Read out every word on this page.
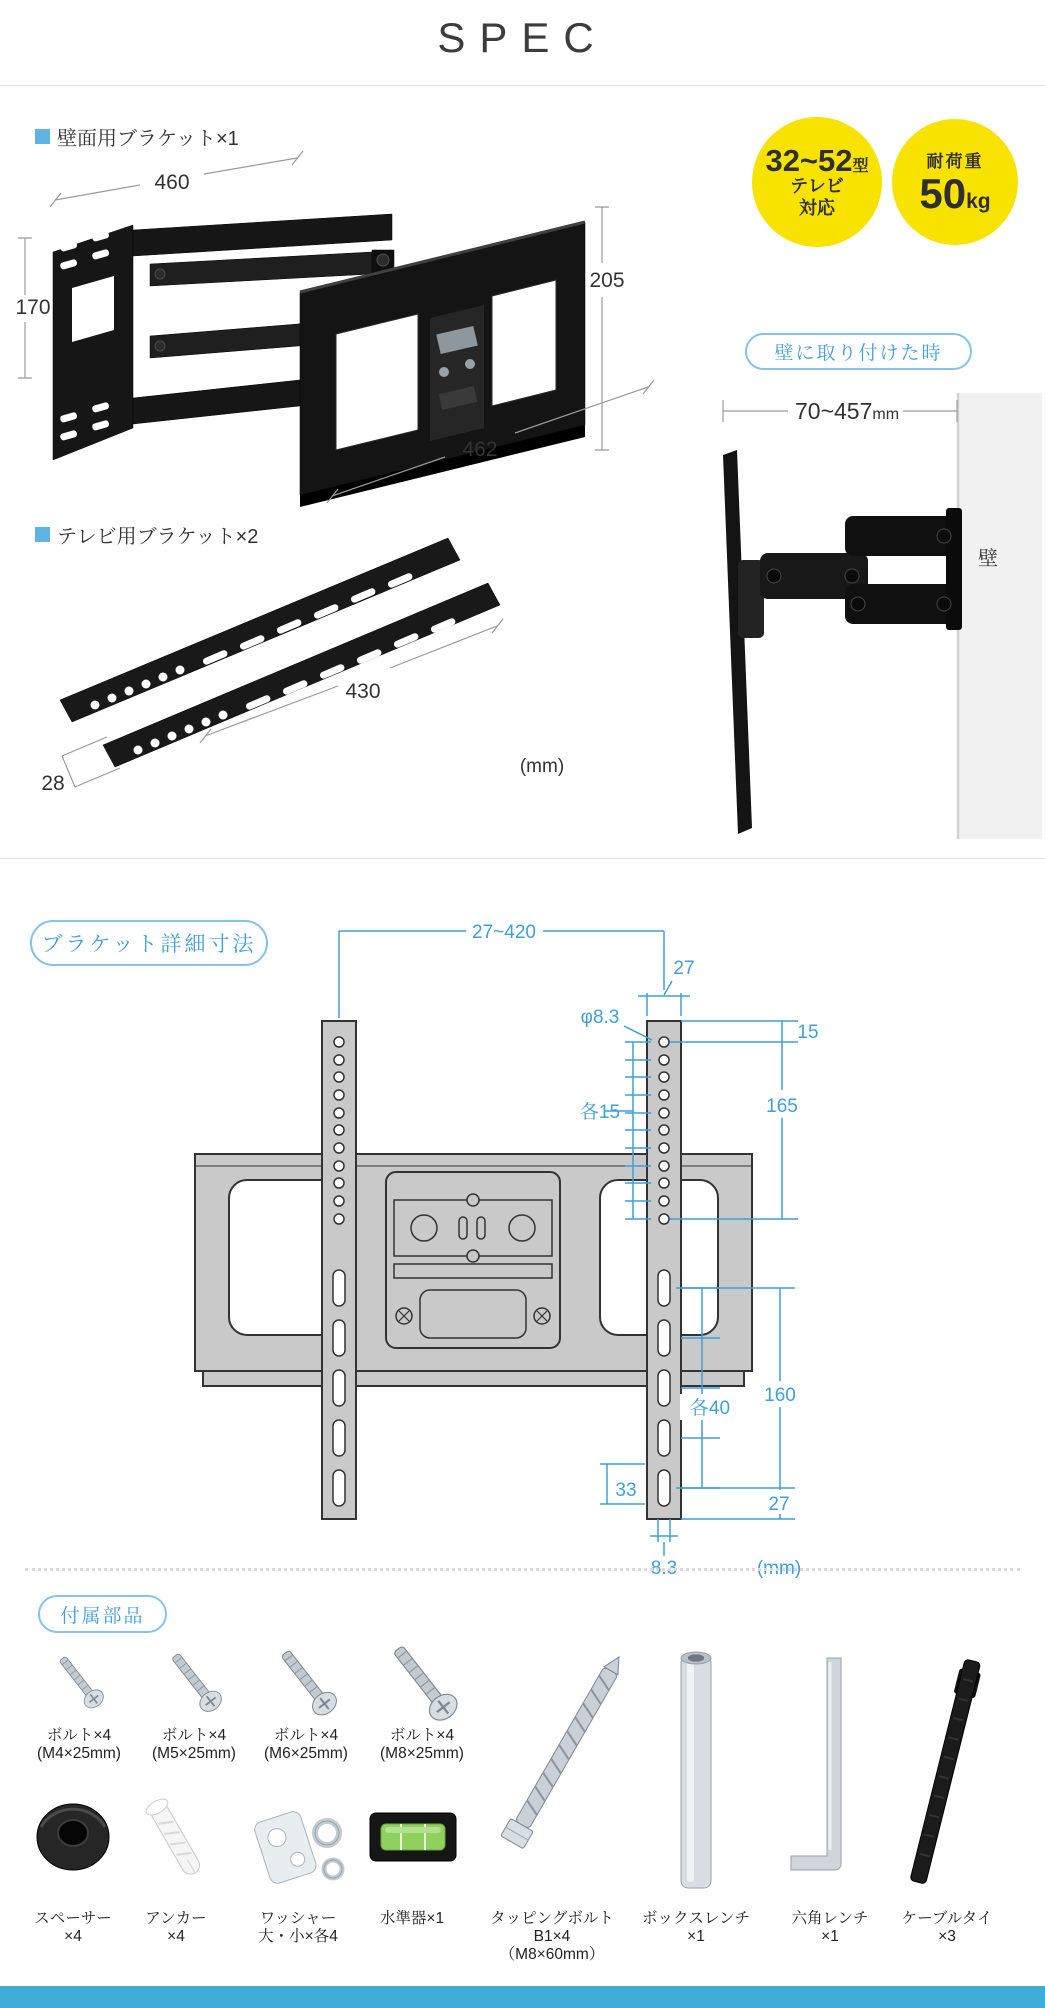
SPEC
壁面用ブラケット×1
テレビ用ブラケット×2
32~52型
テレビ
対応
耐荷重
50kg
壁に取り付けた時
460
170
205
462
70~457mm
壁
430
28
(mm)
ブラケット詳細寸法
27~420
27
φ8.3
15
165
各15
各40
160
33
27
8.3	(mm)
付属部品
ボルト×4
(M4×25mm)
ボルト×4
(M5×25mm)
ボルト×4
(M6×25mm)
ボルト×4
(M8×25mm)
スペーサー
×4
アンカー
×4
ワッシャー
大・小×各4
水準器×1	タッピングボルトB1×4
（M8×60mm）
ボックスレンチ
×1
六角レンチ
×1
ケーブルタイ
×3
